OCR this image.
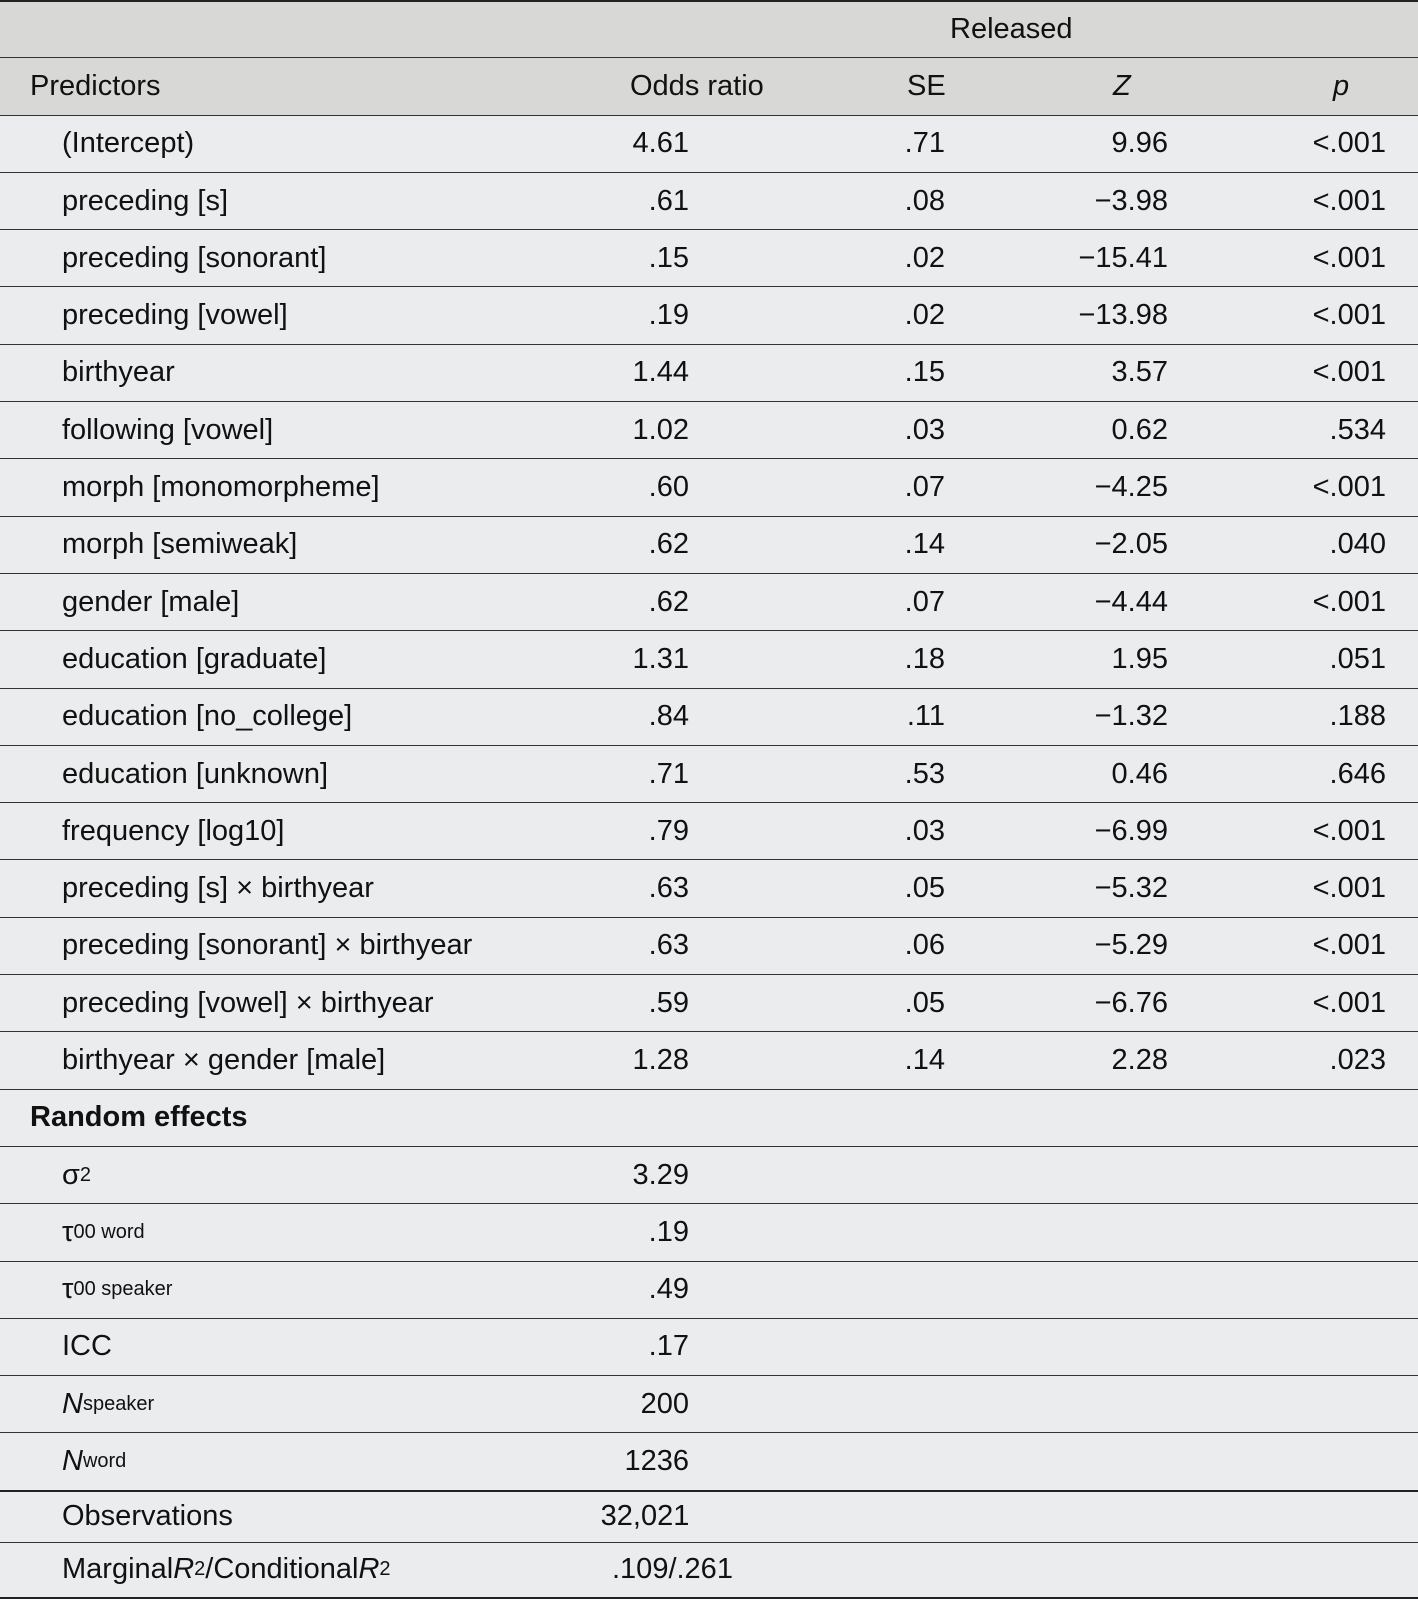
Released
Predictors	Odds ratio	SE	Z	p
(Intercept)	4.61	.71	9.96	<.001
preceding [s]	.61	.08	−3.98	<.001
preceding [sonorant]	.15	.02	−15.41	<.001
preceding [vowel]	.19	.02	−13.98	<.001
birthyear	1.44	.15	3.57	<.001
following [vowel]	1.02	.03	0.62	.534
morph [monomorpheme]	.60	.07	−4.25	<.001
morph [semiweak]	.62	.14	−2.05	.040
gender [male]	.62	.07	−4.44	<.001
education [graduate]	1.31	.18	1.95	.051
education [no_college]	.84	.11	−1.32	.188
education [unknown]	.71	.53	0.46	.646
frequency [log10]	.79	.03	−6.99	<.001
preceding [s] × birthyear	.63	.05	−5.32	<.001
preceding [sonorant] × birthyear	.63	.06	−5.29	<.001
preceding [vowel] × birthyear	.59	.05	−6.76	<.001
birthyear × gender [male]	1.28	.14	2.28	.023
Random effects
σ 2	3.29
τ 00 word	.19
τ 00 speaker	.49
ICC	.17
N speaker	200
N word	1236
Observations	32,021
Marginal R 2 /Conditional R 2	.109/.261
